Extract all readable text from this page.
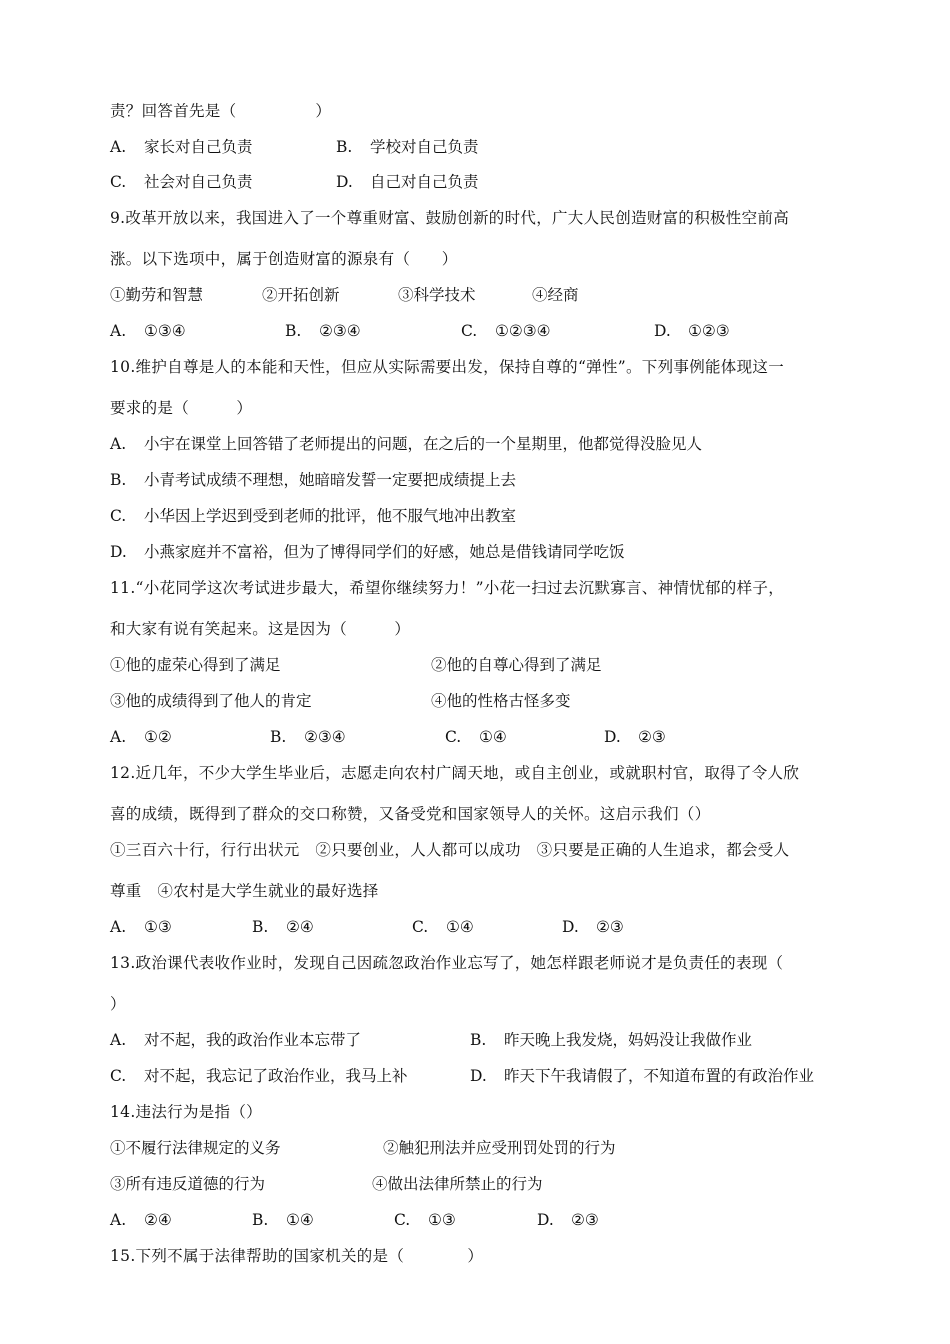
责？回答首先是（　　　　　）
A. 家长对自己负责	B. 学校对自己负责
C. 社会对自己负责	D. 自己对自己负责
9.改革开放以来，我国进入了一个尊重财富、鼓励创新的时代，广大人民创造财富的积极性空前高
涨。以下选项中，属于创造财富的源泉有（　　）
①勤劳和智慧	②开拓创新	③科学技术	④经商
A. ①③④	B. ②③④	C. ①②③④	D. ①②③
10.维护自尊是人的本能和天性，但应从实际需要出发，保持自尊的“弹性”。下列事例能体现这一
要求的是（　　　）
A. 小宇在课堂上回答错了老师提出的问题，在之后的一个星期里，他都觉得没脸见人
B. 小青考试成绩不理想，她暗暗发誓一定要把成绩提上去
C. 小华因上学迟到受到老师的批评，他不服气地冲出教室
D. 小燕家庭并不富裕，但为了博得同学们的好感，她总是借钱请同学吃饭
11.“小花同学这次考试进步最大，希望你继续努力！”小花一扫过去沉默寡言、神情忧郁的样子，
和大家有说有笑起来。这是因为（　　　）
①他的虚荣心得到了满足	②他的自尊心得到了满足
③他的成绩得到了他人的肯定	④他的性格古怪多变
A. ①②	B. ②③④	C. ①④	D. ②③
12.近几年，不少大学生毕业后，志愿走向农村广阔天地，或自主创业，或就职村官，取得了令人欣
喜的成绩，既得到了群众的交口称赞，又备受党和国家领导人的关怀。这启示我们（）
①三百六十行，行行出状元　②只要创业，人人都可以成功　③只要是正确的人生追求，都会受人
尊重　④农村是大学生就业的最好选择
A. ①③	B. ②④	C. ①④	D. ②③
13.政治课代表收作业时，发现自己因疏忽政治作业忘写了，她怎样跟老师说才是负责任的表现（
）
A. 对不起，我的政治作业本忘带了	B. 昨天晚上我发烧，妈妈没让我做作业
C. 对不起，我忘记了政治作业，我马上补	D. 昨天下午我请假了，不知道布置的有政治作业
14.违法行为是指（）
①不履行法律规定的义务	②触犯刑法并应受刑罚处罚的行为
③所有违反道德的行为	④做出法律所禁止的行为
A. ②④	B. ①④	C. ①③	D. ②③
15.下列不属于法律帮助的国家机关的是（　　　　）
